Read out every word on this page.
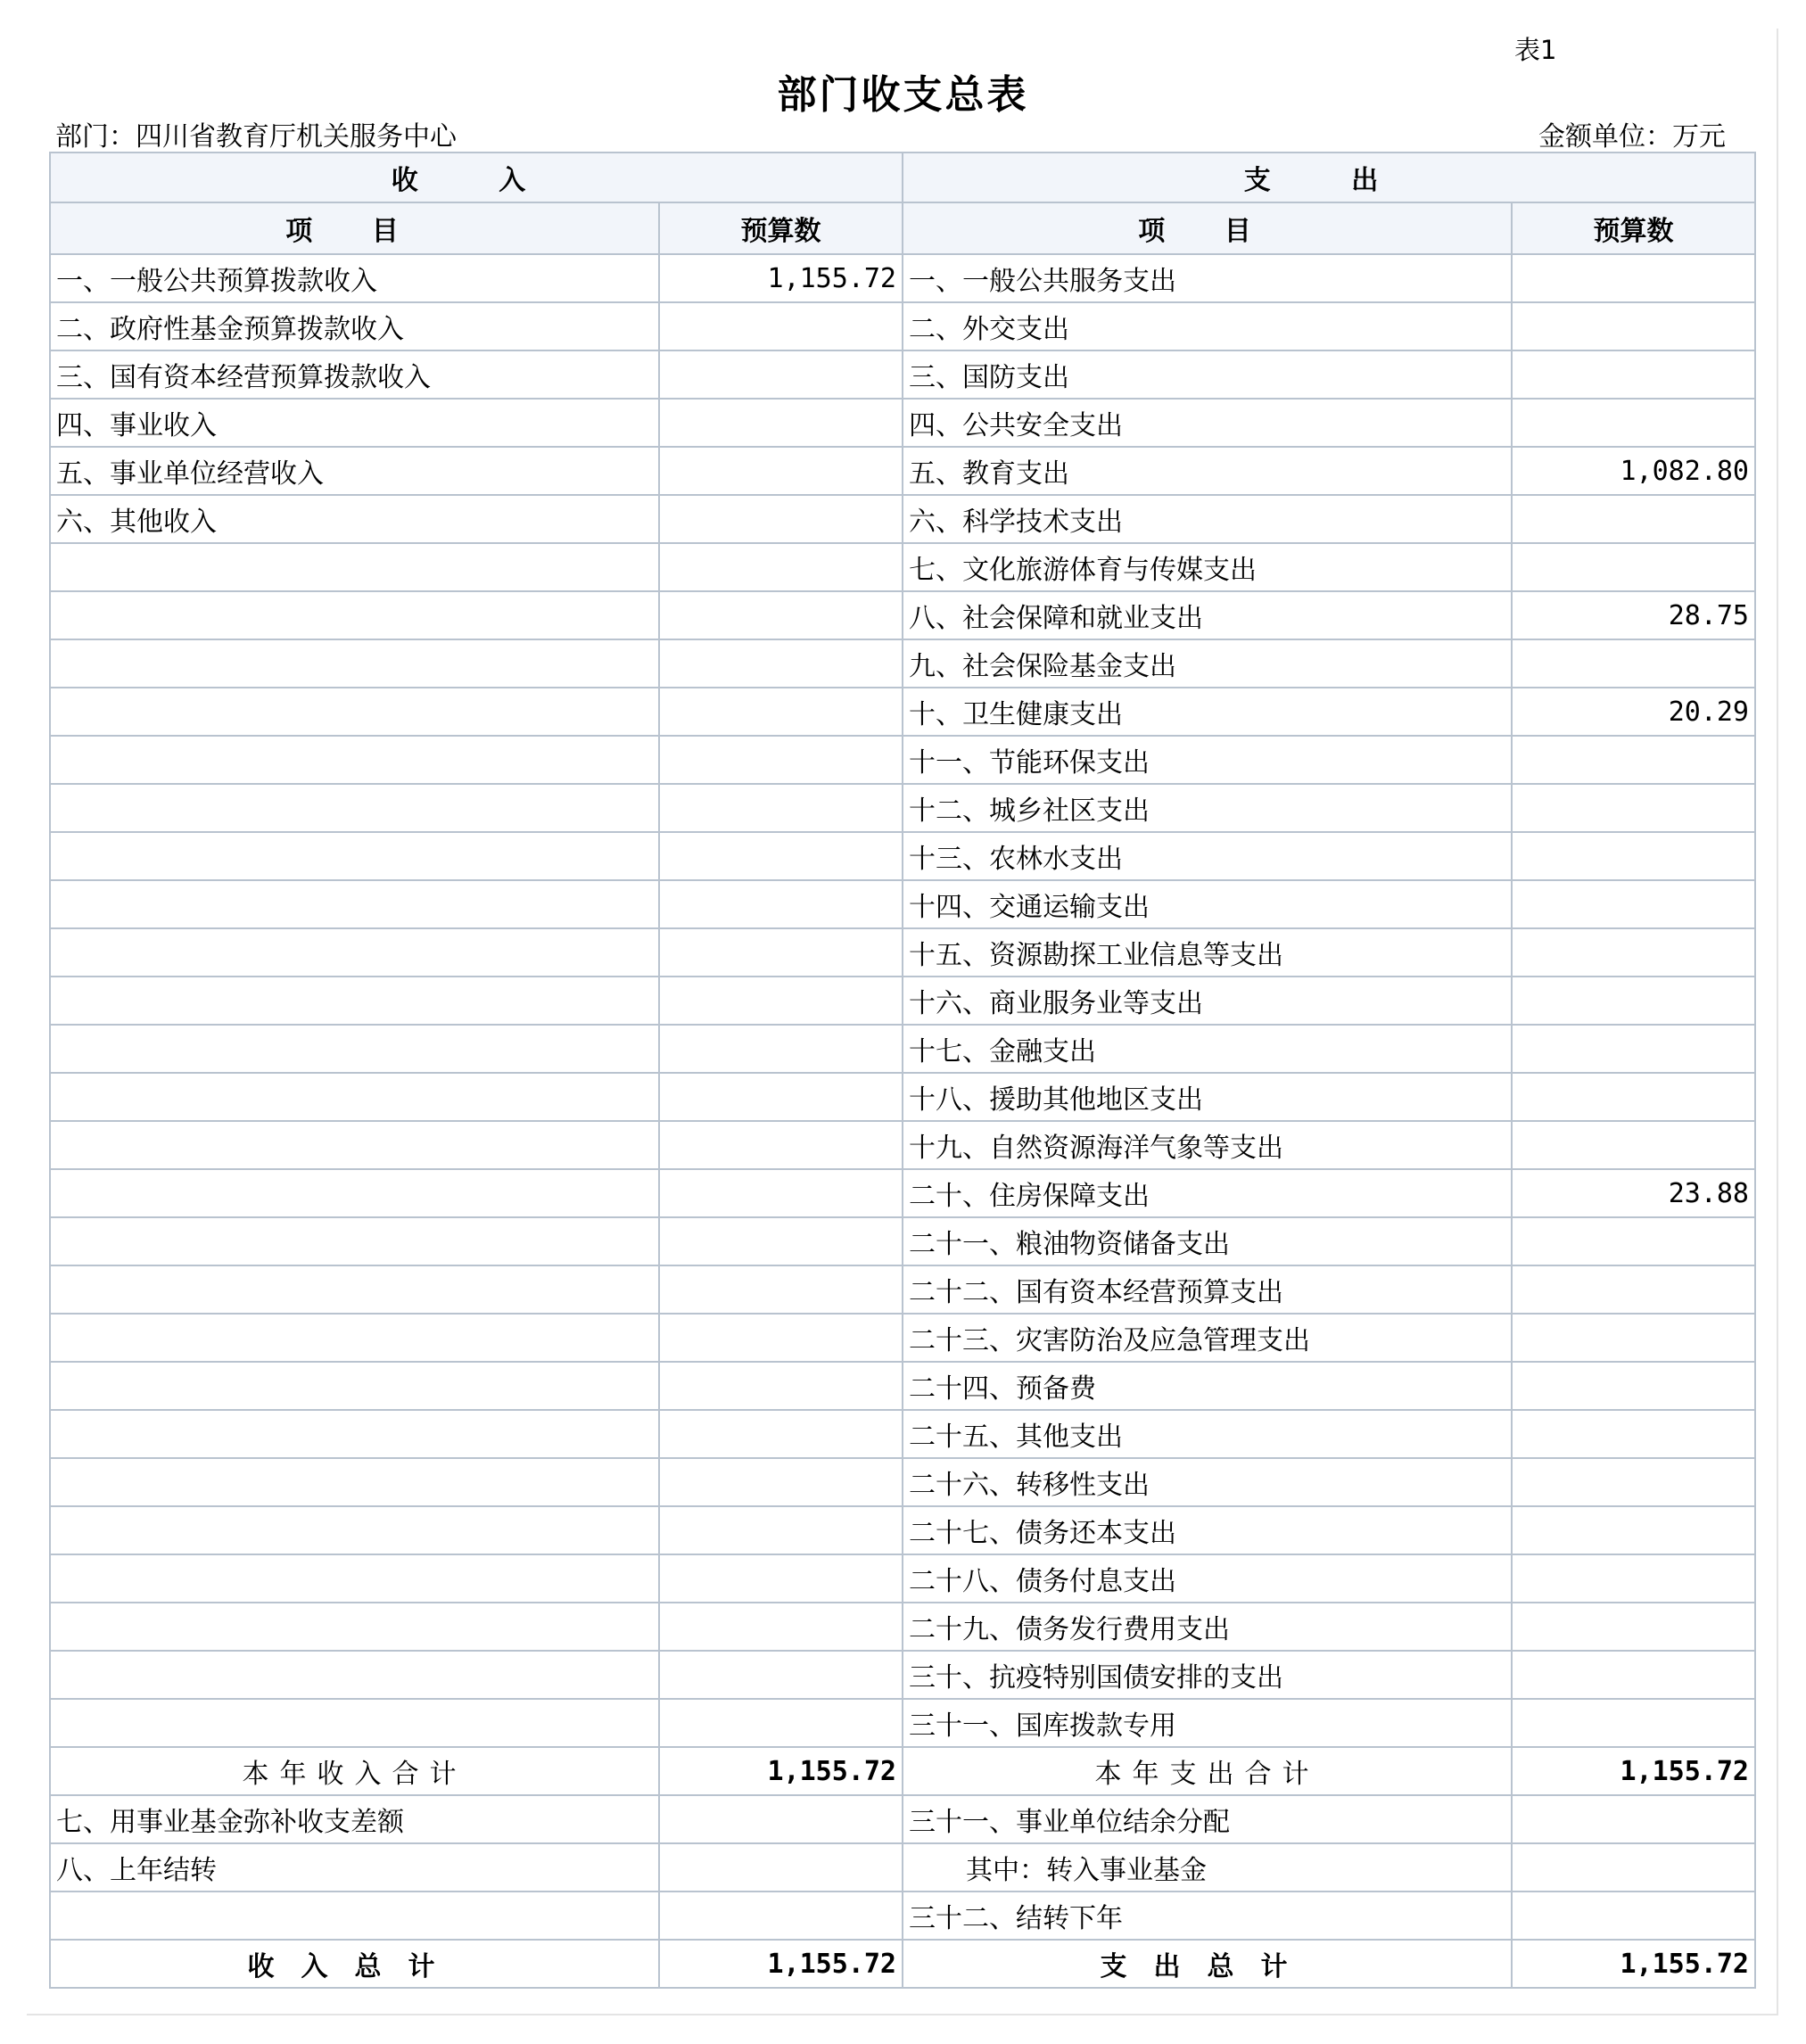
表1
部门收支总表
部门：四川省教育厅机关服务中心	金额单位：万元
收 入		支 出	
项 目	预算数	项 目	预算数
一、一般公共预算拨款收入	1,155.72	一、一般公共服务支出	
二、政府性基金预算拨款收入		二、外交支出	
三、国有资本经营预算拨款收入		三、国防支出	
四、事业收入		四、公共安全支出	
五、事业单位经营收入		五、教育支出	1,082.80
六、其他收入		六、科学技术支出	
		七、文化旅游体育与传媒支出	
		八、社会保障和就业支出	28.75
		九、社会保险基金支出	
		十、卫生健康支出	20.29
		十一、节能环保支出	
		十二、城乡社区支出	
		十三、农林水支出	
		十四、交通运输支出	
		十五、资源勘探工业信息等支出	
		十六、商业服务业等支出	
		十七、金融支出	
		十八、援助其他地区支出	
		十九、自然资源海洋气象等支出	
		二十、住房保障支出	23.88
		二十一、粮油物资储备支出	
		二十二、国有资本经营预算支出	
		二十三、灾害防治及应急管理支出	
		二十四、预备费	
		二十五、其他支出	
		二十六、转移性支出	
		二十七、债务还本支出	
		二十八、债务付息支出	
		二十九、债务发行费用支出	
		三十、抗疫特别国债安排的支出	
		三十一、国库拨款专用	
本年收入合计	1,155.72	本年支出合计	1,155.72
七、用事业基金弥补收支差额		三十一、事业单位结余分配	
八、上年结转		其中：转入事业基金	
		三十二、结转下年	
收入总计	1,155.72	支出总计	1,155.72
